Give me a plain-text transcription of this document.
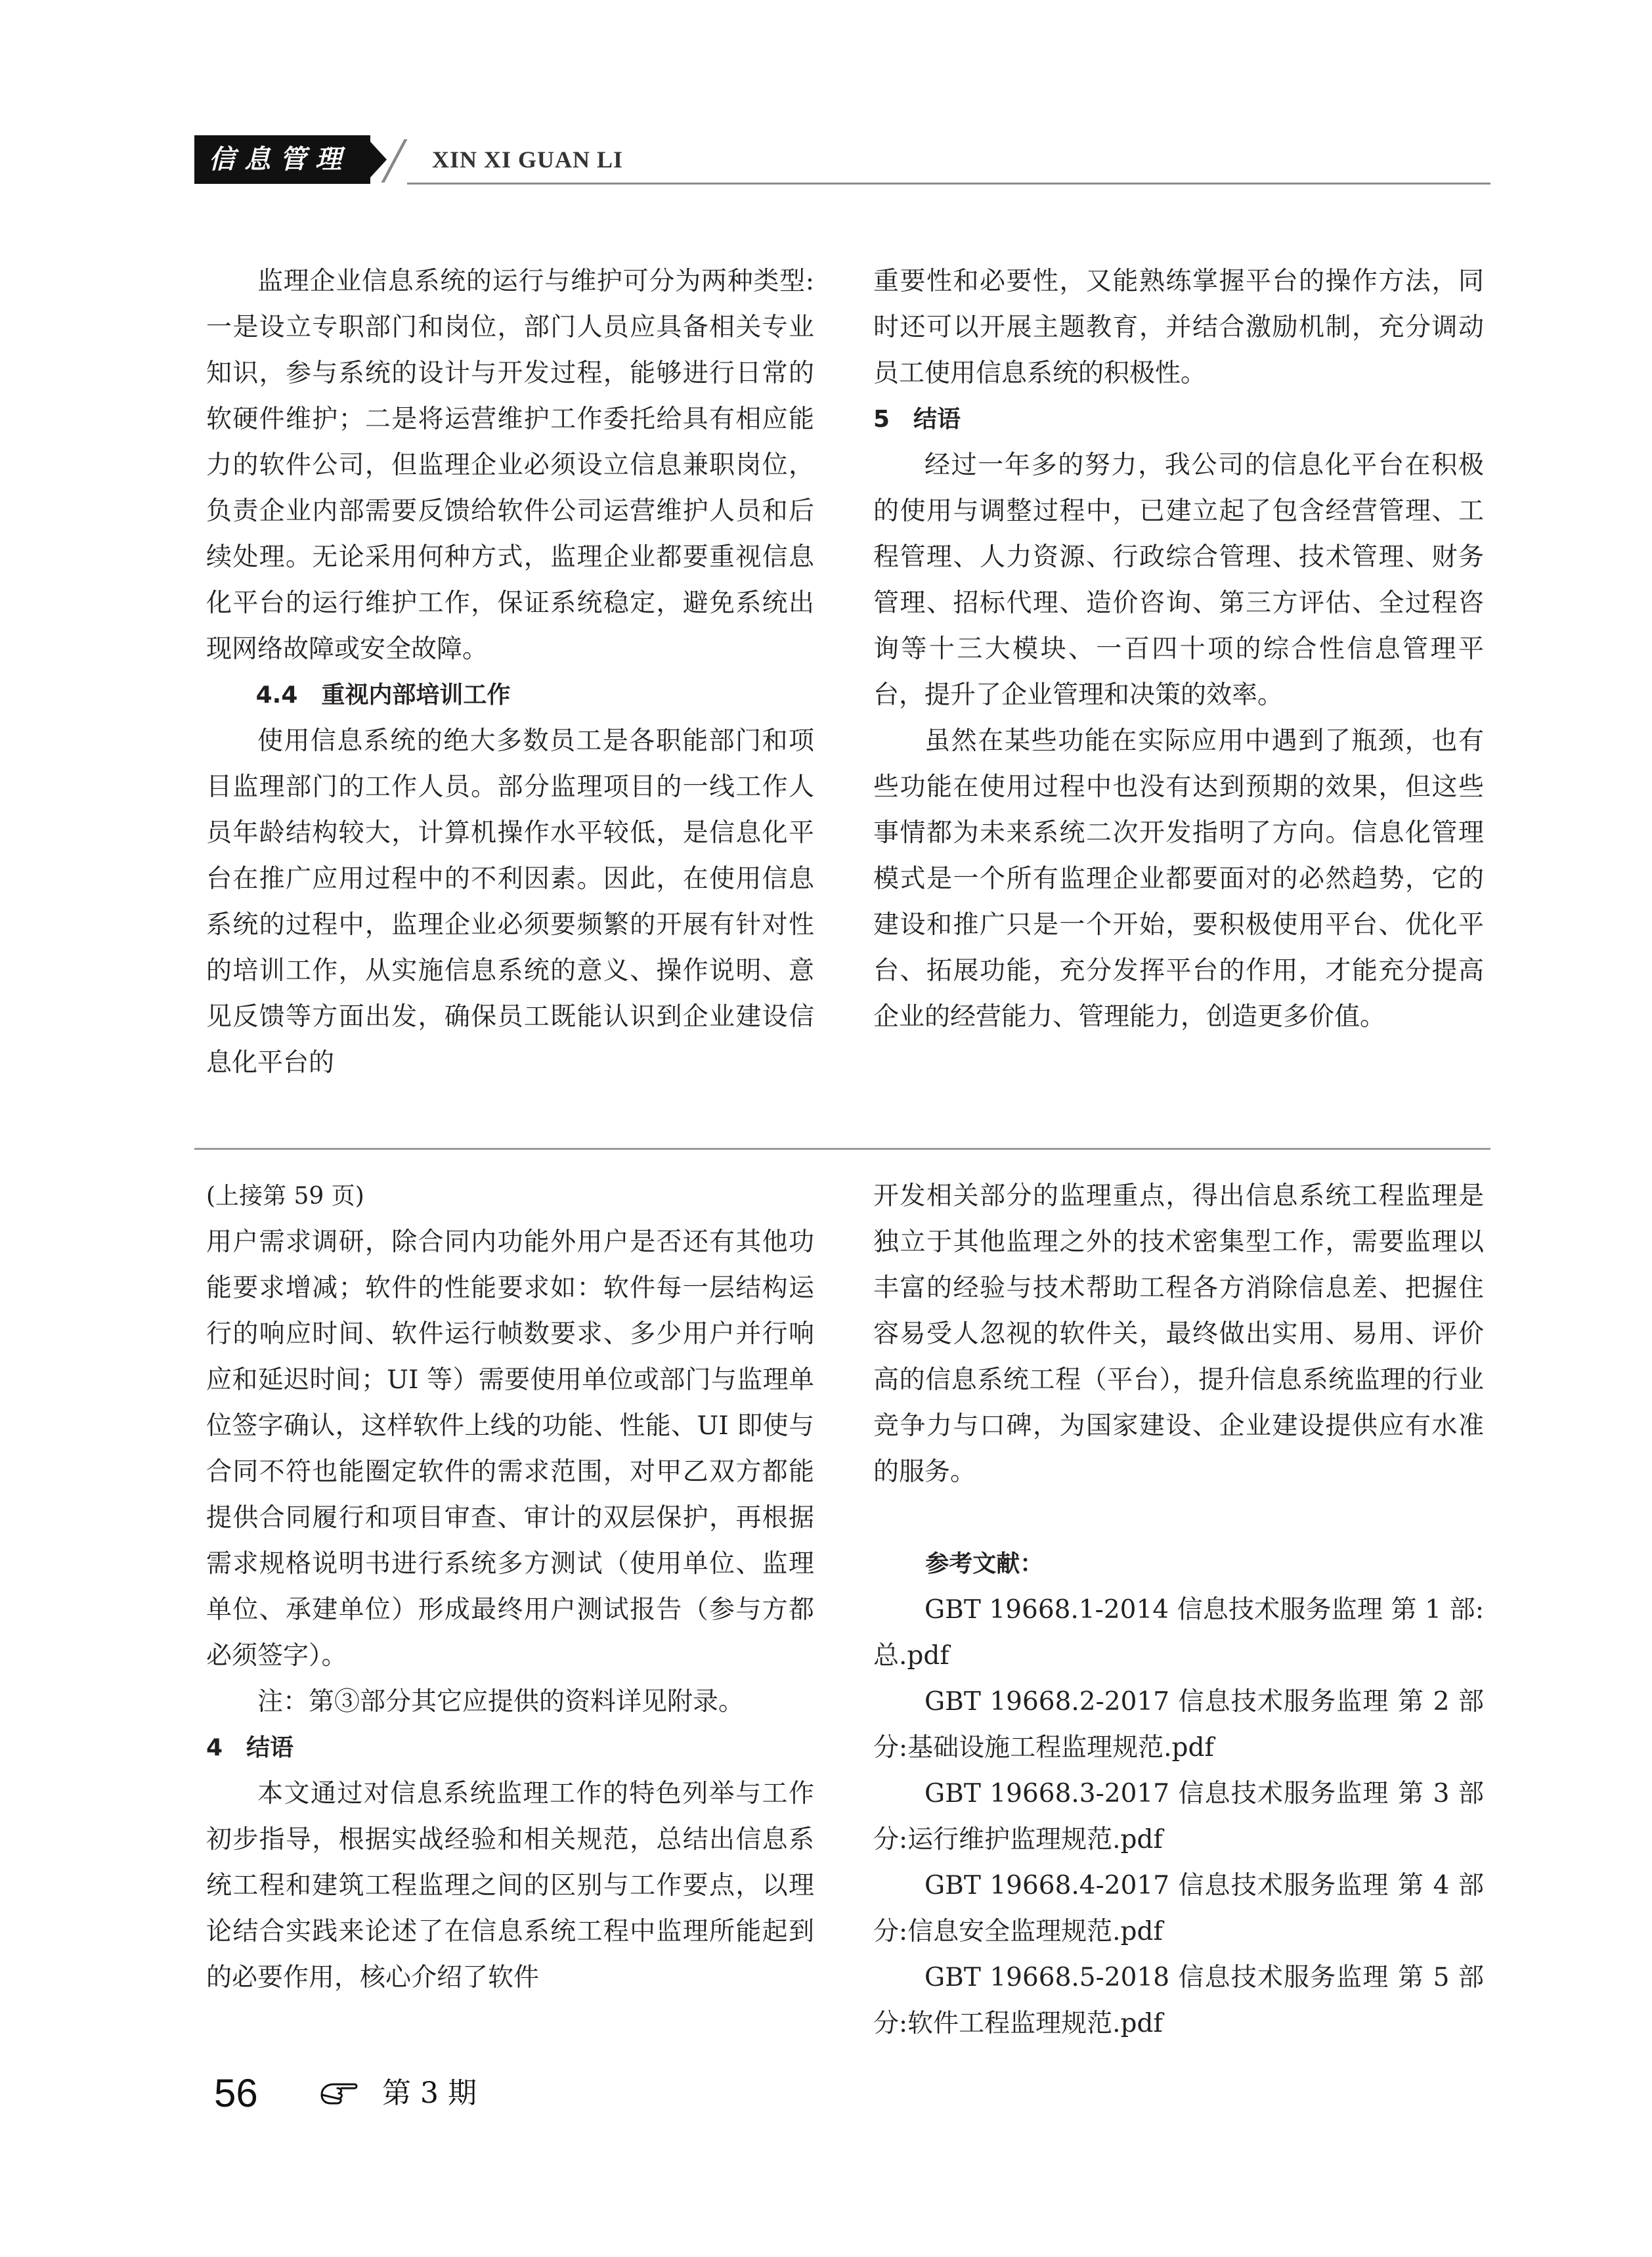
信息管理	XIN XI GUAN LI

监理企业信息系统的运行与维护可分为两种类型:一是设立专职部门和岗位，部门人员应具备相关专业知识，参与系统的设计与开发过程，能够进行日常的软硬件维护；二是将运营维护工作委托给具有相应能力的软件公司，但监理企业必须设立信息兼职岗位，负责企业内部需要反馈给软件公司运营维护人员和后续处理。无论采用何种方式，监理企业都要重视信息化平台的运行维护工作，保证系统稳定，避免系统出现网络故障或安全故障。

4.4　重视内部培训工作

使用信息系统的绝大多数员工是各职能部门和项目监理部门的工作人员。部分监理项目的一线工作人员年龄结构较大，计算机操作水平较低，是信息化平台在推广应用过程中的不利因素。因此，在使用信息系统的过程中，监理企业必须要频繁的开展有针对性的培训工作，从实施信息系统的意义、操作说明、意见反馈等方面出发，确保员工既能认识到企业建设信息化平台的

重要性和必要性，又能熟练掌握平台的操作方法，同时还可以开展主题教育，并结合激励机制，充分调动员工使用信息系统的积极性。

5　结语

经过一年多的努力，我公司的信息化平台在积极的使用与调整过程中，已建立起了包含经营管理、工程管理、人力资源、行政综合管理、技术管理、财务管理、招标代理、造价咨询、第三方评估、全过程咨询等十三大模块、一百四十项的综合性信息管理平台，提升了企业管理和决策的效率。

虽然在某些功能在实际应用中遇到了瓶颈，也有些功能在使用过程中也没有达到预期的效果，但这些事情都为未来系统二次开发指明了方向。信息化管理模式是一个所有监理企业都要面对的必然趋势，它的建设和推广只是一个开始，要积极使用平台、优化平台、拓展功能，充分发挥平台的作用，才能充分提高企业的经营能力、管理能力，创造更多价值。

(上接第 59 页)

用户需求调研，除合同内功能外用户是否还有其他功能要求增减；软件的性能要求如：软件每一层结构运行的响应时间、软件运行帧数要求、多少用户并行响应和延迟时间；UI 等）需要使用单位或部门与监理单位签字确认，这样软件上线的功能、性能、UI 即使与合同不符也能圈定软件的需求范围，对甲乙双方都能提供合同履行和项目审查、审计的双层保护，再根据需求规格说明书进行系统多方测试（使用单位、监理单位、承建单位）形成最终用户测试报告（参与方都必须签字）。

注：第③部分其它应提供的资料详见附录。

4　结语

本文通过对信息系统监理工作的特色列举与工作初步指导，根据实战经验和相关规范，总结出信息系统工程和建筑工程监理之间的区别与工作要点，以理论结合实践来论述了在信息系统工程中监理所能起到的必要作用，核心介绍了软件

开发相关部分的监理重点，得出信息系统工程监理是独立于其他监理之外的技术密集型工作，需要监理以丰富的经验与技术帮助工程各方消除信息差、把握住容易受人忽视的软件关，最终做出实用、易用、评价高的信息系统工程（平台），提升信息系统监理的行业竞争力与口碑，为国家建设、企业建设提供应有水准的服务。

参考文献：

GBT 19668.1-2014 信息技术服务监理 第 1 部:总.pdf

GBT 19668.2-2017 信息技术服务监理 第 2 部分:基础设施工程监理规范.pdf

GBT 19668.3-2017 信息技术服务监理 第 3 部分:运行维护监理规范.pdf

GBT 19668.4-2017 信息技术服务监理 第 4 部分:信息安全监理规范.pdf

GBT 19668.5-2018 信息技术服务监理 第 5 部分:软件工程监理规范.pdf

56	第 3 期
